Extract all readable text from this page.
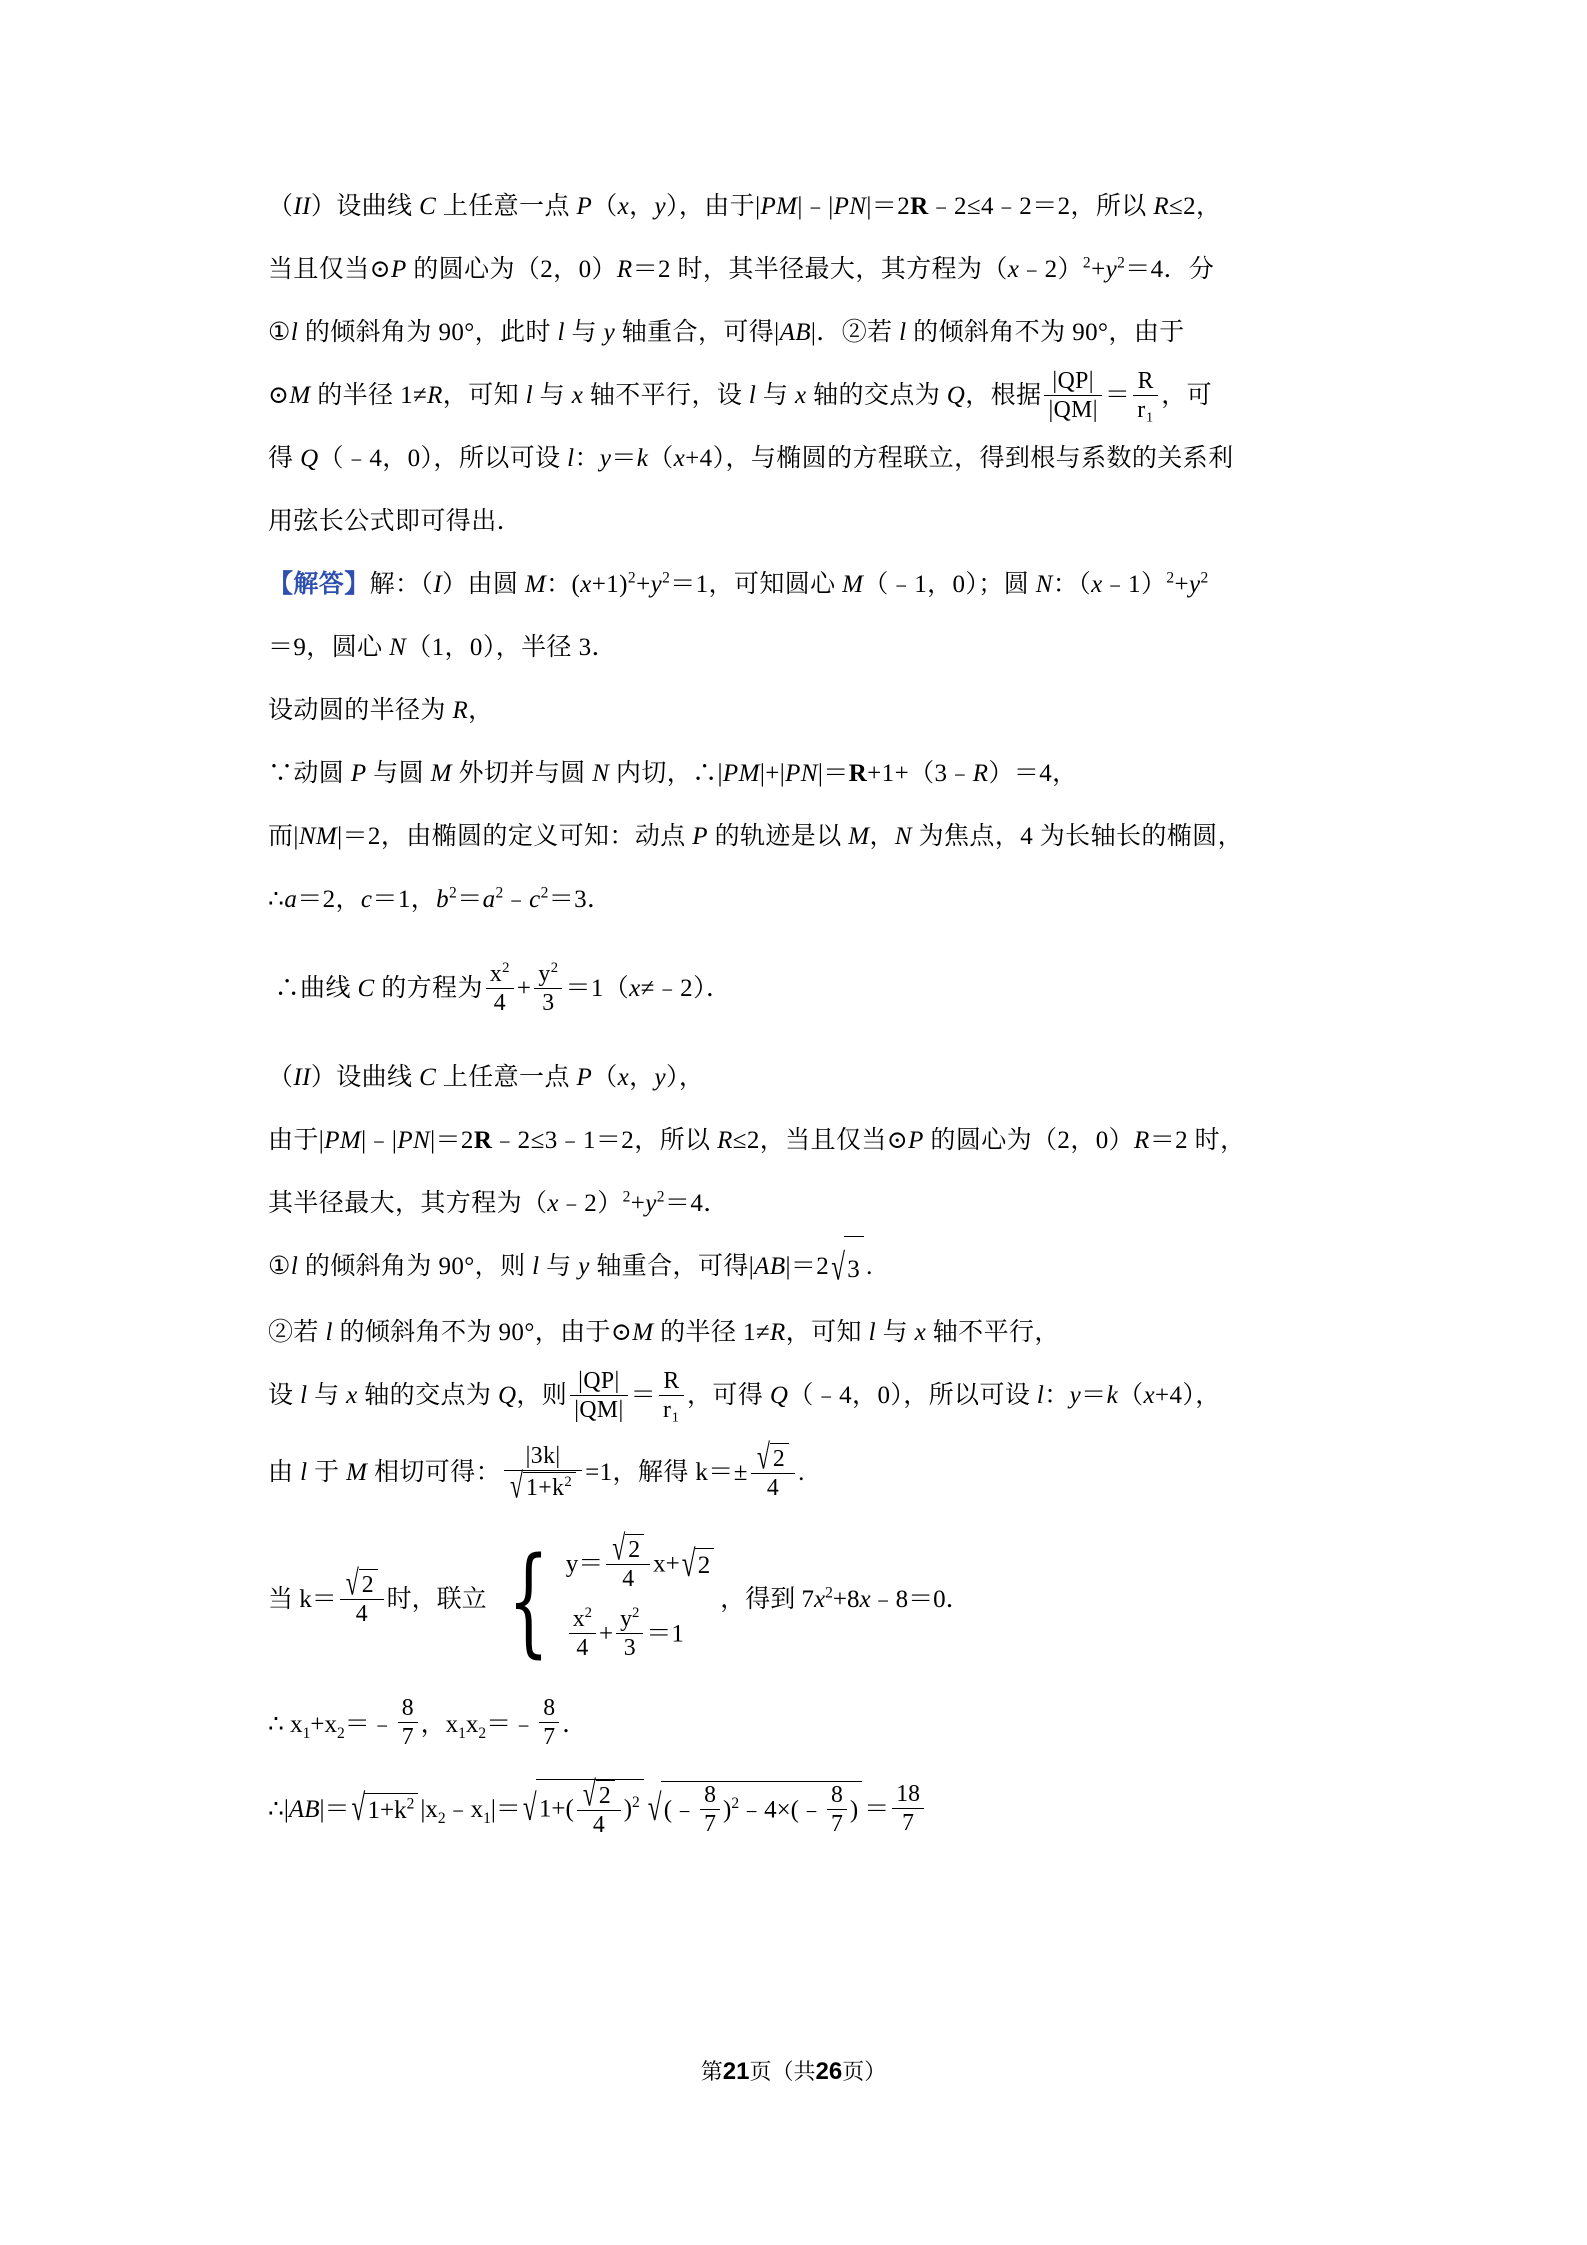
（II）设曲线 C 上任意一点 P（x，y），由于|PM|﹣|PN|＝2R﹣2≤4﹣2＝2，所以 R≤2，

当且仅当⊙P 的圆心为（2，0）R＝2 时，其半径最大，其方程为$(x﹣2)^2+y^2=4$．分

①l 的倾斜角为 90°，此时 l 与 y 轴重合，可得|AB|．②若 l 的倾斜角不为 90°，由于

⊙M 的半径 1≠R，可知 l 与 x 轴不平行，设 l 与 x 轴的交点为 Q，根据 $\frac{|QP|}{|QM|} = \frac{R}{\text{r₁}}$ ，可

得 Q（﹣4，0），所以可设 l：y＝k（x+4），与椭圆的方程联立，得到根与系数的关系利

用弦长公式即可得出．

【解答】解：（I）由圆 M：$(x+1)^2+y^2=1$，可知圆心 M（﹣1，0）；圆 N：$(x﹣1)^2+y^2$

＝9，圆心 N（1，0），半径 3．

设动圆的半径为 R，

∵动圆 P 与圆 M 外切并与圆 N 内切，∴|PM|+|PN|＝R+1+（3﹣R）＝4，

而|NM|＝2，由椭圆的定义可知：动点 P 的轨迹是以 M，N 为焦点，4 为长轴长的椭圆，

∴a＝2，c＝1，$b^2=a^2﹣c^2=3$．

∴曲线 C 的方程为 $\frac{x^2}{4} + \frac{y^2}{3}$ ＝1（x≠﹣2）．

（II）设曲线 C 上任意一点 P（x，y），

由于|PM|﹣|PN|＝2R﹣2≤3﹣1＝2，所以 R≤2，当且仅当⊙P 的圆心为（2，0）R＝2 时，

其半径最大，其方程为$(x﹣2)^2+y^2=4$．

①l 的倾斜角为 90°，则 l 与 y 轴重合，可得|AB|＝2 √ 3 .

②若 l 的倾斜角不为 90°，由于⊙M 的半径 1≠R，可知 l 与 x 轴不平行，

设 l 与 x 轴的交点为 Q，则 $\frac{|QP|}{|QM|} = \frac{R}{\text{r₁}}$ ，可得 Q（﹣4，0），所以可设 l：y＝k（x+4），

由 l 于 M 相切可得： |3k|
√ $1+k^2 =1$，解得 k＝± √ $\frac{2}{4}$ .

当 k＝ √ $\frac{2}{4}$ 时，联立 { y＝ √ $\frac{2}{4} x+$ √ 2
$\frac{x^2}{4} + \frac{y^2}{3} =1$
，得到 $7x^2+8x﹣8=0$．
∴ $x_1+x_2=﹣ \frac{8}{7}$ ，$x_1x_2=﹣ \frac{8}{7}$ ．
∴|AB|＝ √ $1+k^2$ $|x_2﹣x_1|=$ √ 1+( √ $\frac{2}{4} )^2$ √ (﹣ $\frac{8}{7}$ )$^2$﹣4×(﹣ $\frac{8}{7}$ ) ＝ $\frac{18}{7}$
第21页（共26页）
